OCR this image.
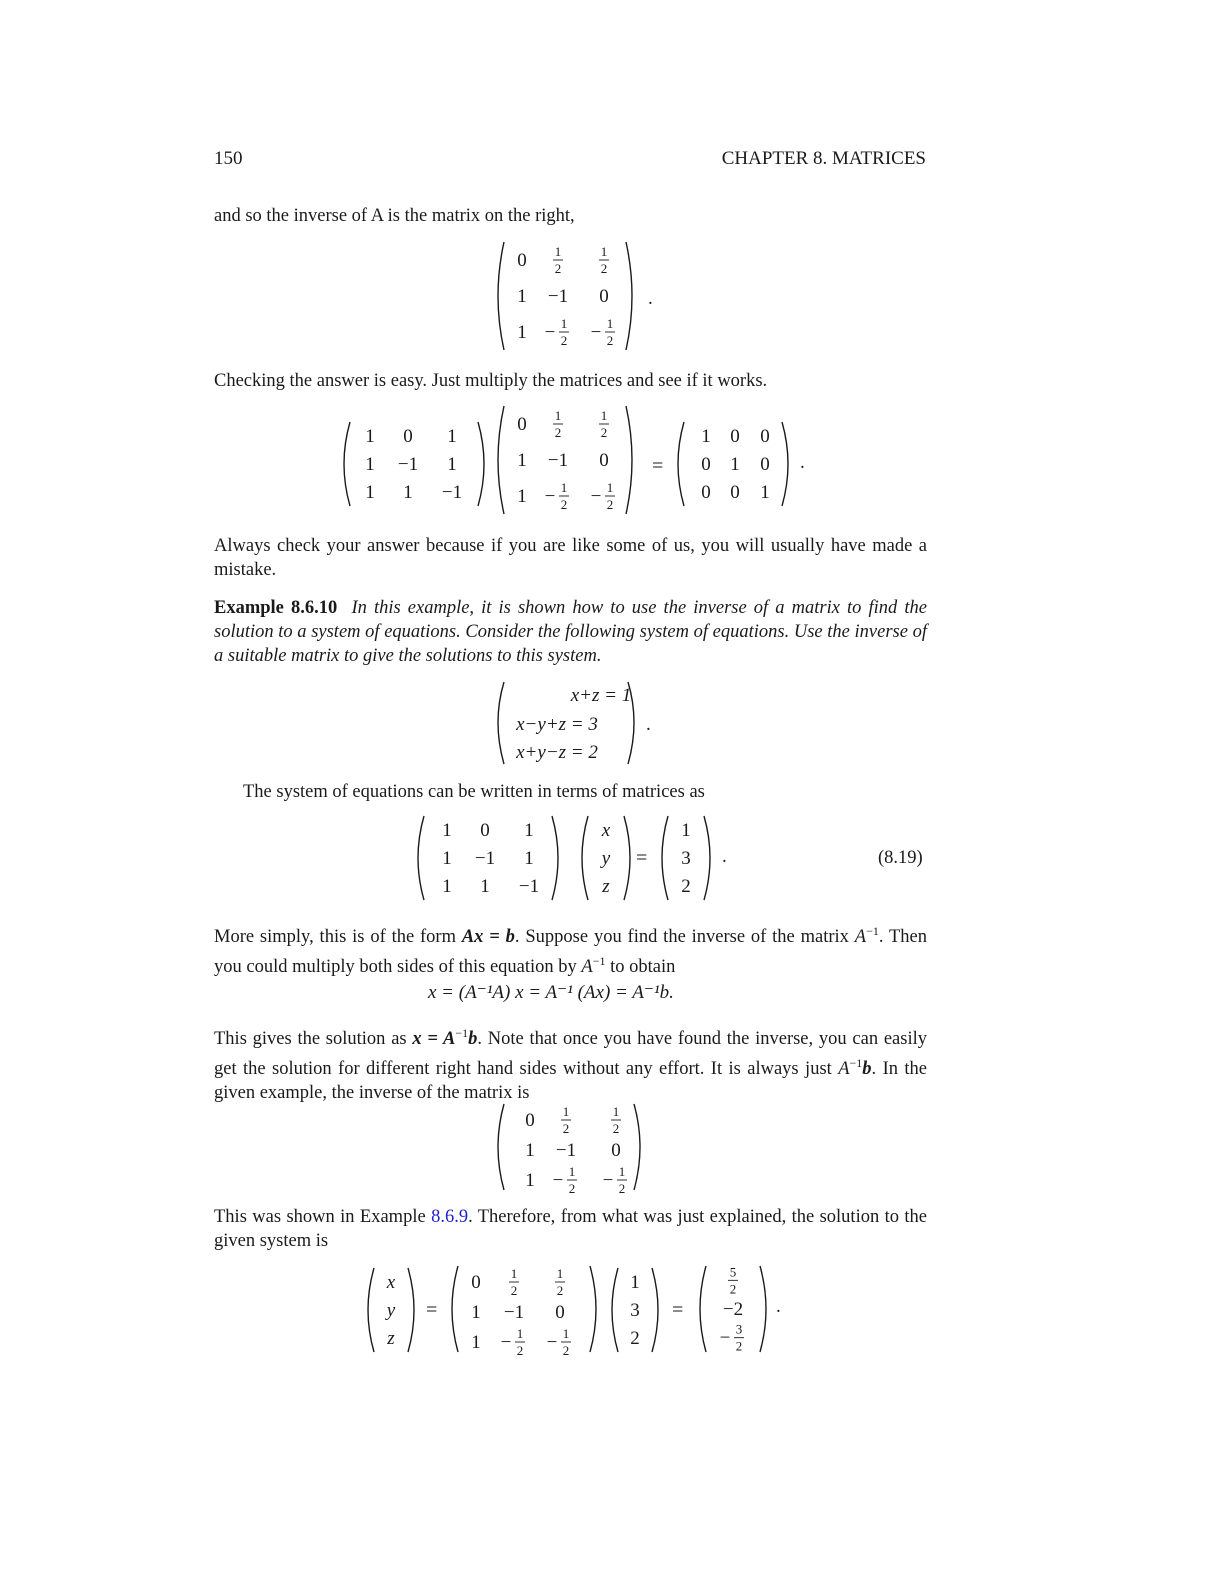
150	CHAPTER 8. MATRICES

and so the inverse of A is the matrix on the right,

0 1
2
1
2
1 −1 0
1 − 1
2 − 1
2
.

Checking the answer is easy. Just multiply the matrices and see if it works.

1 0 1
1 −1 1
1 1 −1
0 1
2
1
2
1 −1 0
1 − 1
2 − 1
2
=
1 0 0
0 1 0
0 0 1
.

Always check your answer because if you are like some of us, you will usually have made a mistake.

Example 8.6.10 In this example, it is shown how to use the inverse of a matrix to find the solution to a system of equations. Consider the following system of equations. Use the inverse of a suitable matrix to give the solutions to this system.

x+z = 1
x−y+z = 3
x+y−z = 2
.

The system of equations can be written in terms of matrices as

1 0 1
1 −1 1
1 1 −1
x
y
z
=
1
3
2
.	(8.19)

More simply, this is of the form Ax = b. Suppose you find the inverse of the matrix $A^{-1}$. Then you could multiply both sides of this equation by $A^{-1}$ to obtain

x = (A⁻¹A) x = A⁻¹ (Ax) = A⁻¹b.

This gives the solution as $x = A^{-1}b$. Note that once you have found the inverse, you can easily get the solution for different right hand sides without any effort. It is always just $A^{-1}b$. In the given example, the inverse of the matrix is

0 1
2
1
2
1 −1 0
1 − 1
2 − 1
2

This was shown in Example 8.6.9. Therefore, from what was just explained, the solution to the given system is

x
y
z
=
0 1
2
1
2
1 −1 0
1 − 1
2 − 1
2
1
3
2
=
5
2
−2
− 3
2
.
